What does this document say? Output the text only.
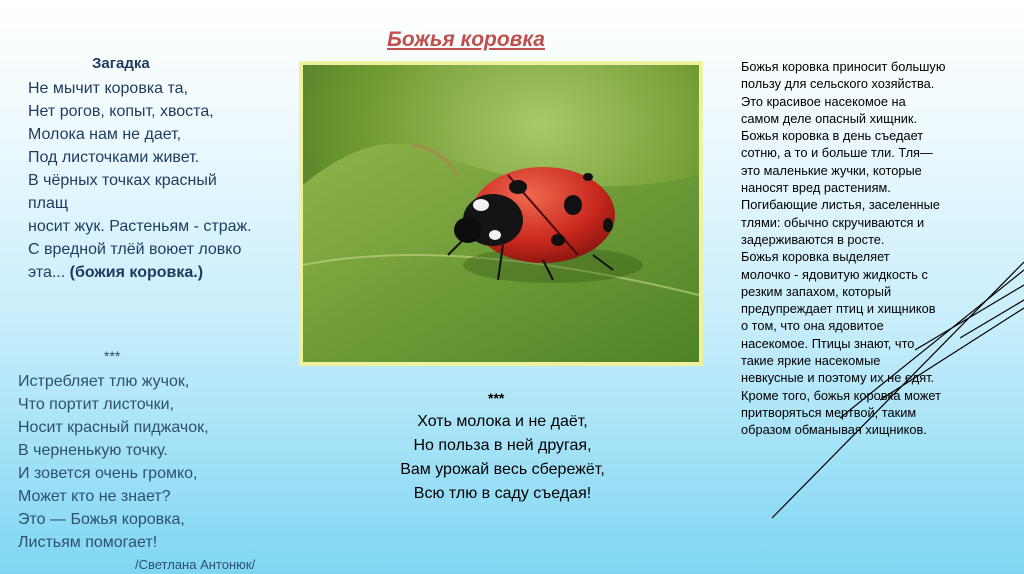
Божья коровка
Загадка
Не мычит коровка та,
Нет рогов, копыт, хвоста,
Молока нам не дает,
Под листочками живет.
В чёрных точках красный
плащ
носит жук. Растеньям - страж.
С вредной тлёй воюет ловко
эта... (божия коровка.)
***
Истребляет тлю жучок,
Что портит листочки,
Носит красный пиджачок,
В черненькую точку.
И зовется очень громко,
Может кто не знает?
Это — Божья коровка,
Листьям помогает!
/Светлана Антонюк/
***
Хоть молока и не даёт,
Но польза в ней другая,
Вам урожай весь сбережёт,
Всю тлю в саду съедая!
Божья коровка приносит большую
пользу для сельского хозяйства.
Это красивое насекомое на
самом деле опасный хищник.
Божья коровка в день съедает
сотню, а то и больше тли. Тля—
это маленькие жучки, которые
наносят вред растениям.
Погибающие листья, заселенные
тлями: обычно скручиваются и
задерживаются в росте.
Божья коровка выделяет
молочко - ядовитую жидкость с
резким запахом, который
предупреждает птиц и хищников
о том, что она ядовитое
насекомое. Птицы знают, что
такие яркие насекомые
невкусные и поэтому их не едят.
Кроме того, божья коровка может
притворяться мертвой, таким
образом обманывая хищников.
